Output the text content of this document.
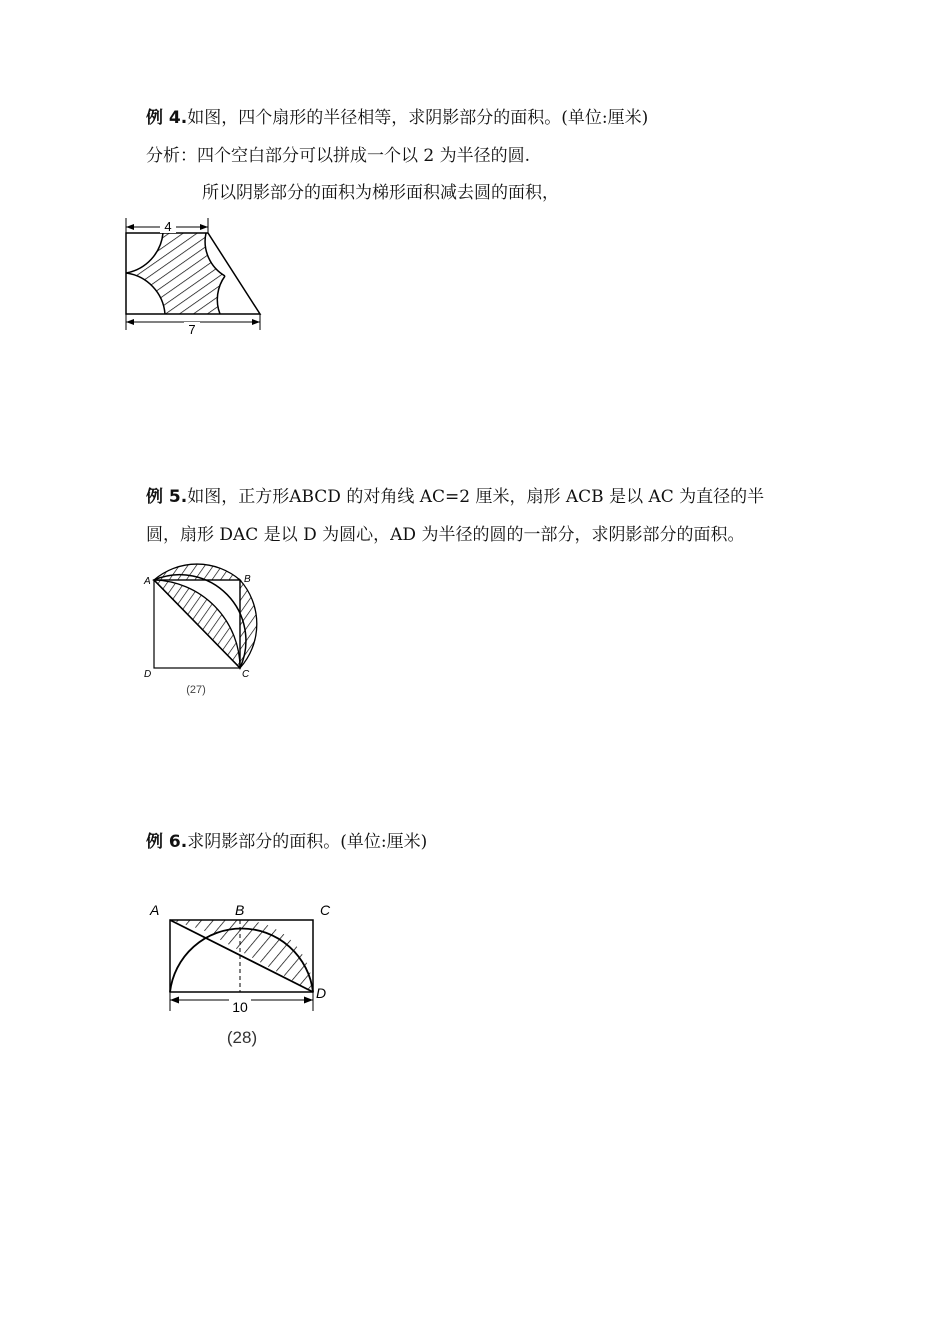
例 4.如图，四个扇形的半径相等，求阴影部分的面积。(单位:厘米)
分析：四个空白部分可以拼成一个以 2 为半径的圆.
所以阴影部分的面积为梯形面积减去圆的面积，
4
7
例 5.如图，正方形ABCD 的对角线 AC=2 厘米，扇形 ACB 是以 AC 为直径的半
圆，扇形 DAC 是以 D 为圆心，AD 为半径的圆的一部分，求阴影部分的面积。
A	B
C
D
(27)
例 6.求阴影部分的面积。(单位:厘米)
10
A	B	C
D
(28)
